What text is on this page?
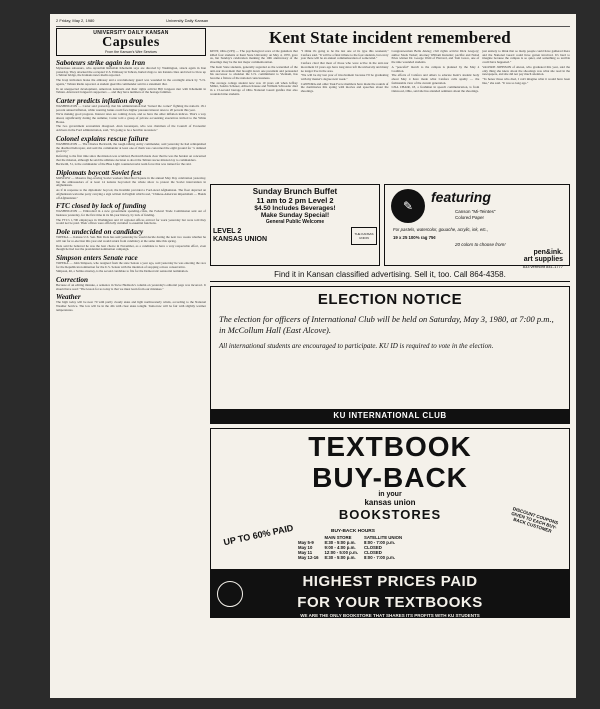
2 Friday, May 2, 1980	University Daily Kansan
UNIVERSITY DAILY KANSAN
Capsules
From the Kansan's Wire Services
Saboteurs strike again in Iran

Mysterious saboteurs, who Ayatollah Ruhollah Khomeini says are directed by Washington, struck again in Iran yesterday. They attacked the occupied U.S. Embassy in Tehran, hurled rings to ten Iranian cities and tried to blow up a Tehran bridge, the Iranians news media reported.

The Iraqi invitation broke the embassy and a revolutionary guard was wounded in the overnight attack by "U.S. agents," Tehran Radio reported. A student guerrilla commander said in a statement that.

In an unexpected development, American nationals and their rights activist Bill Jongeon met with Khomeini in Tehran. Afterward Jongeon's supporters — and they have numbers of the hostage families.

Carter predicts inflation drop

WASHINGTON — Carter said yesterday that his administration had "turned the corner" fighting the nation's 18.1 percent annual inflation, while warning banks could face higher pressure interest rates to 20 percent this year.

We're making good progress. Interest rates are coming down, and so have the other inflation indices. That's a way ahead, significantly during the summer, Carter told a group of private accounting executives invited to the White House.

The two government economists disagreed. Alan Greenspan, who was chairman of the Council of Economic Advisers in the Ford administration, said, "It's going to be a horrible recession."

Colonel explains rescue failure

WASHINGTON — The Charles Beckwith, the tough-talking Army commander, said yesterday he had relinquished the disabled helicopter, and said the commander at least one of them was concerned the eight ground for "a damned good try."

Referring to the first time since the mission was scrubbed, Beckwith made clear that he was the hardest on concerned that the mission, although he said the ultimate decision to abort the Tehran rescue mission lay to commanders.

Beckwith, 51, is the commander of the Blue Light counterterrorist team force that was trained for the raid.

Diplomats boycott Soviet fest

MOSCOW — Massive flag-waving Soviet workers filled Red Square in the annual May Day celebration yesterday, but the ambassadors of at least 14 nations boycotted the whole show to protest the Soviet intervention in Afghanistan.

As if in response to the diplomatic boycott, the Kremlin provided a Ford-sized Afghanistan. The float depicted an Afghanistan welcome party carrying a sign written in English which read, "Chinese-American imperialism — Hands off Afghanistan."

FTC closed by lack of funding

WASHINGTON — Embroiled in a new government spending-crisis, the Federal Trade Commission sent out of business yesterday, for the first time in its 66-year history, by lack of funding.

The FTC's 1,700 employees in Washington and 10 regional offices arrived for work yesterday but were told they would not be paid. Their offices were officially curtailed to essential functions.

Dole undecided on candidacy

TOPEKA — Kansas U.S. Sen. Bob Dole has said yesterday he would decide during the next two weeks whether he will run for re-election this year and would return from candidacy at the same time this spring.

Dole said he believed he was the best choice in November, as a candidate to have a very respectable effort, even though he had lost the presidential nomination campaign.

Simpson enters Senate race

TOPEKA — John Simpson, who resigned from the state Senate a year ago, said yesterday he was entering the race for the Republican nomination for the U.S. Senate with the intention of stopping a more conservative.

Simpson, 46, a Salina attorney, is the second candidate to file for the Democratic senatorial nomination.

Correction

Because of an editing mistake, a sentence in Steve Haddock's column on yesterday's editorial page was incorrect. It should have read: "The lesson for us today is that we must learn from our mistakes."

Weather

The high today will be near 70 with partly cloudy skies and light northwesterly winds, according to the National Weather Service. The low will be in the 40s with clear skies tonight. Tomorrow will be fair with slightly warmer temperatures.

Kent State incident remembered

KENT, Ohio (UPI) — The psychological scars of the gunshots that killed four students at Kent State University on May 4, 1970, gave us, but Sunday's celebration marking the 10th anniversary of the shootings may be the last major commemoration.

The Kent State students, generally regarded as the watershed of the anti-war movement that brought down one president and persuaded his successor to abandon the U.S. commitment to Vietnam, has become a fixture of the national consciousness.

The average college student now was 10 years old when Jeffrey Miller, Sandra Scheuer, Allison Krause and William Schroeder died in a 13-second barrage of Ohio National Guard gunfire that also wounded nine students.

"I think it's going to be the last one of its type this weekend," Canfora said. "It will be a final tribute to the four students, but every year there will be an annual commemoration of some kind."

Canfora cited that most of those who were active in the anti-war movement 10 years ago have long since left the university and many no longer live in the area.

"We will be my last year of involvement because I'll be graduating with my master's degree next week."

CANFORA and other Task Force members have made the rounds of the dormitories this spring with movies and speeches about the shootings.

Congresswoman Bella Abzug; civil rights activist Dick Gregory; author Studs Terkel; attorney William Kunstler; pacifist and Nobel Prize winner Dr. George Wald of Harvard, and Tom Grace, one of the nine wounded students.

A "peaceful" march to the campus is planned by the May 4 Coalition.

The efforts of Canfora and others to educate Kent's student body about May 4 have made what Canfora calls apathy — the fashionable view of the current generation.

LISA CHAIR, 18, a freshman in speech communication, is from Oakwood, Ohio, said she has attended seminars about the shootings.

just anxiety to think that so many people could have gathered there and the National Guard could have gotten involved. It's hard to imagine because the campus is so quiet, and something so terrible could have happened."

VALERIE JOHNSON of Akron, who graduated this year, said the only thing she knew about the shootings was what she read in the newspapers, and she did not pay much attention.

"To honor those who died, I can't imagine what it would have been like," she said. "It was so long ago."

Sunday Brunch Buffet
11 am to 2 pm Level 2
$4.50 Includes Beverages!
Make Sunday Special!
General Public Welcome
LEVEL 2
KANSAS UNION
THE KANSAS UNION
✎
featuring
Canson "Mi-Teintes"
Colored Paper
For pastels, watercolor, gouache, acrylic, ink, etc.,
19 x 25 100% rag 75¢
20 colors to choose from!
pen&ink.
art supplies
833 vermont 841-1777
Find it in Kansan classified advertising. Sell it, too. Call 864-4358.
ELECTION NOTICE
The election for officers of International Club will be held on Saturday, May 3, 1980, at 7:00 p.m., in McCollum Hall (East Alcove).
All international students are encouraged to participate. KU ID is required to vote in the election.
KU INTERNATIONAL CLUB
TEXTBOOK
BUY-BACK
in your
kansas union
BOOKSTORES
UP TO 60% PAID	BUY-BACK HOURS
	MAIN STORE	SATELLITE UNION
May 5-9	8:30 - 5:00 p.m.	8:00 - 7:00 p.m.
May 10	9:00 - 4:00 p.m.	CLOSED
May 11	12:00 - 5:00 p.m.	CLOSED
May 12-16	8:30 - 5:00 p.m.	8:00 - 7:00 p.m.
DISCOUNT COUPONS GIVEN TO EACH BUY-BACK CUSTOMER
HIGHEST PRICES PAID
FOR YOUR TEXTBOOKS
WE ARE THE ONLY BOOKSTORE THAT SHARES ITS PROFITS WITH KU STUDENTS
